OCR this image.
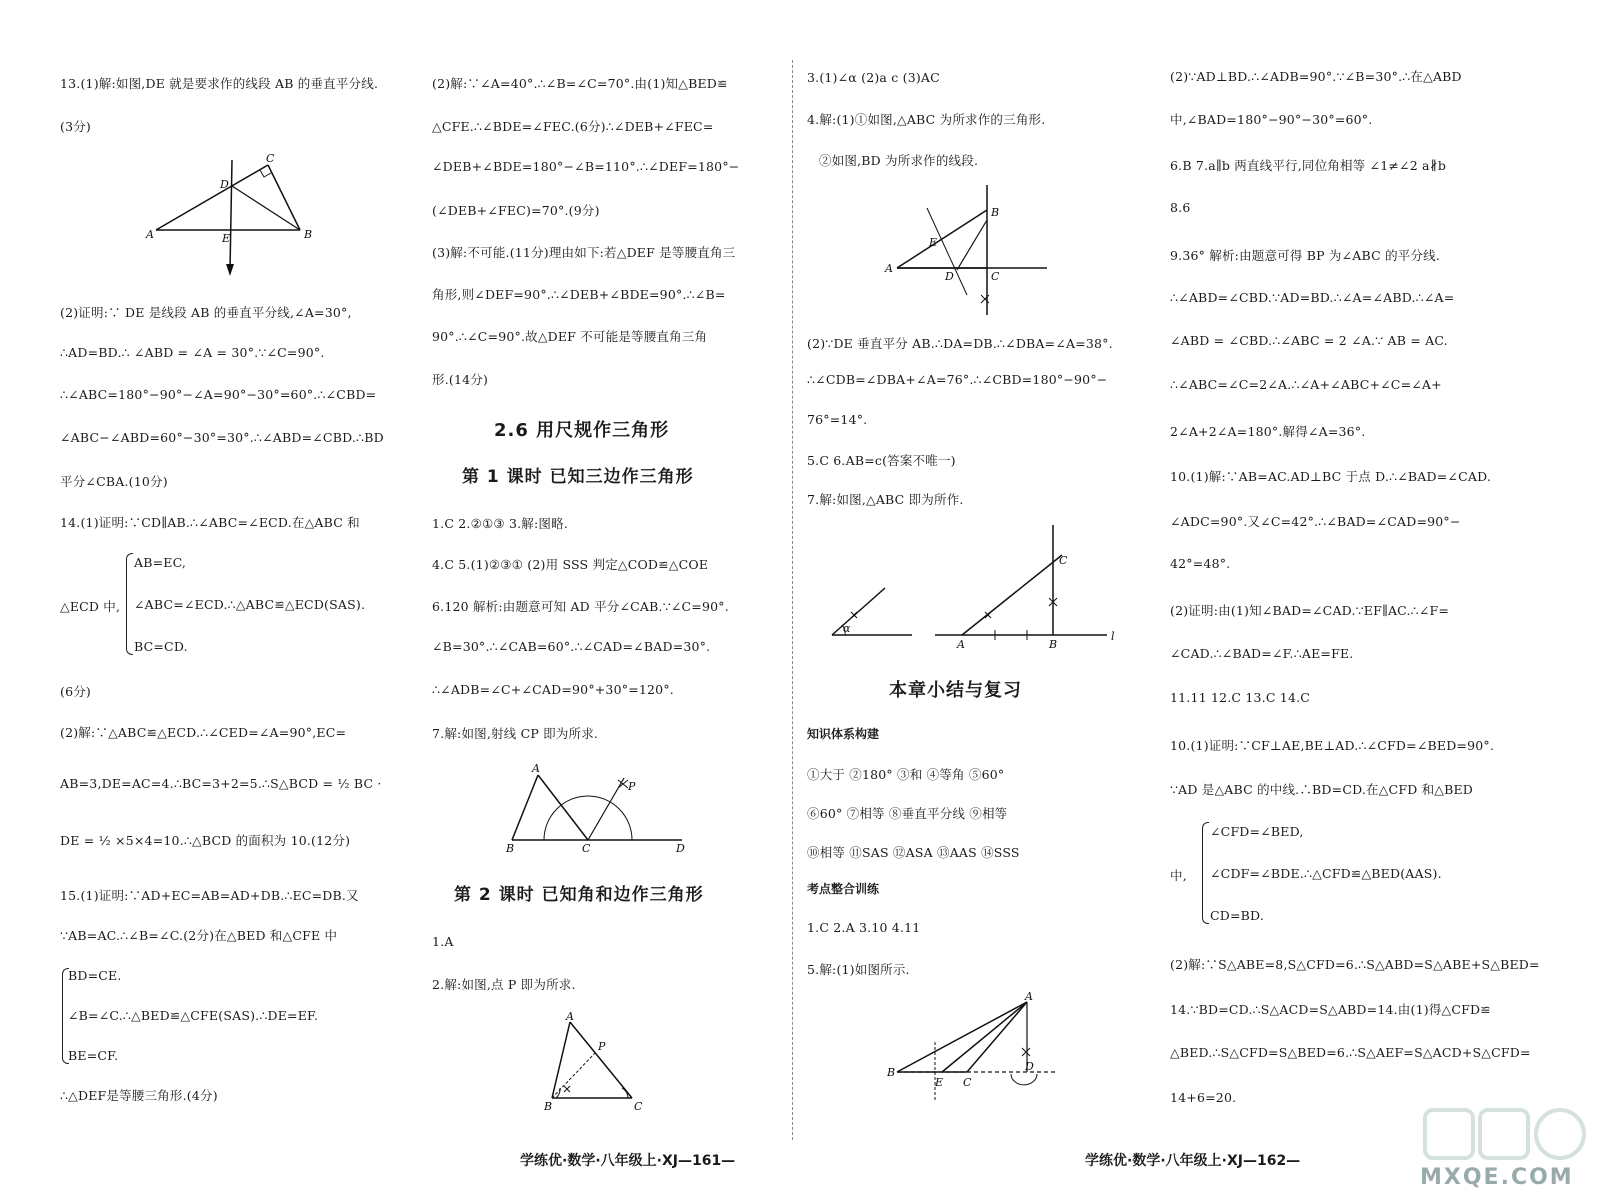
13.(1)解:如图,DE 就是要求作的线段 AB 的垂直平分线.
(3分)
A	B
C
D
E
(2)证明:∵ DE 是线段 AB 的垂直平分线,∠A=30°,
∴AD=BD.∴ ∠ABD = ∠A = 30°.∵∠C=90°.
∴∠ABC=180°−90°−∠A=90°−30°=60°.∴∠CBD=
∠ABC−∠ABD=60°−30°=30°.∴∠ABD=∠CBD.∴BD
平分∠CBA.(10分)
14.(1)证明:∵CD∥AB.∴∠ABC=∠ECD.在△ABC 和
AB=EC,
△ECD 中, ∠ABC=∠ECD.∴△ABC≌△ECD(SAS).
BC=CD.
(6分)
(2)解:∵△ABC≌△ECD.∴∠CED=∠A=90°,EC=
AB=3,DE=AC=4.∴BC=3+2=5.∴S△BCD = ½ BC ·
DE = ½ ×5×4=10.∴△BCD 的面积为 10.(12分)
15.(1)证明:∵AD+EC=AB=AD+DB.∴EC=DB.又
∵AB=AC.∴∠B=∠C.(2分)在△BED 和△CFE 中
BD=CE.
∠B=∠C.∴△BED≌△CFE(SAS).∴DE=EF.
BE=CF.
∴△DEF是等腰三角形.(4分)
(2)解:∵∠A=40°.∴∠B=∠C=70°.由(1)知△BED≌
△CFE.∴∠BDE=∠FEC.(6分)∴∠DEB+∠FEC=
∠DEB+∠BDE=180°−∠B=110°.∴∠DEF=180°−
(∠DEB+∠FEC)=70°.(9分)
(3)解:不可能.(11分)理由如下:若△DEF 是等腰直角三
角形,则∠DEF=90°.∴∠DEB+∠BDE=90°.∴∠B=
90°.∴∠C=90°.故△DEF 不可能是等腰直角三角
形.(14分)
2.6 用尺规作三角形
第 1 课时 已知三边作三角形
1.C 2.②①③ 3.解:图略.
4.C 5.(1)②③① (2)用 SSS 判定△COD≌△COE
6.120 解析:由题意可知 AD 平分∠CAB.∵∠C=90°.
∠B=30°.∴∠CAB=60°.∴∠CAD=∠BAD=30°.
∴∠ADB=∠C+∠CAD=90°+30°=120°.
7.解:如图,射线 CP 即为所求.
A
B	C	D
P
第 2 课时 已知角和边作三角形
1.A
2.解:如图,点 P 即为所求.
A
B	C
P
3.(1)∠α (2)a c (3)AC
4.解:(1)①如图,△ABC 为所求作的三角形.
②如图,BD 为所求作的线段.
A
B
C
D
E
(2)∵DE 垂直平分 AB.∴DA=DB.∴∠DBA=∠A=38°.
∴∠CDB=∠DBA+∠A=76°.∴∠CBD=180°−90°−
76°=14°.
5.C 6.AB=c(答案不唯一)
7.解:如图,△ABC 即为所作.
α
A	B
C
l
本章小结与复习
知识体系构建
①大于 ②180° ③和 ④等角 ⑤60°
⑥60° ⑦相等 ⑧垂直平分线 ⑨相等
⑩相等 ⑪SAS ⑫ASA ⑬AAS ⑭SSS
考点整合训练
1.C 2.A 3.10 4.11
5.解:(1)如图所示.
A
B
C
D
E
(2)∵AD⊥BD.∴∠ADB=90°.∵∠B=30°.∴在△ABD
中,∠BAD=180°−90°−30°=60°.
6.B 7.a∥b 两直线平行,同位角相等 ∠1≠∠2 a∦b
8.6
9.36° 解析:由题意可得 BP 为∠ABC 的平分线.
∴∠ABD=∠CBD.∵AD=BD.∴∠A=∠ABD.∴∠A=
∠ABD = ∠CBD.∴∠ABC = 2 ∠A.∵ AB = AC.
∴∠ABC=∠C=2∠A.∴∠A+∠ABC+∠C=∠A+
2∠A+2∠A=180°.解得∠A=36°.
10.(1)解:∵AB=AC.AD⊥BC 于点 D.∴∠BAD=∠CAD.
∠ADC=90°.又∠C=42°.∴∠BAD=∠CAD=90°−
42°=48°.
(2)证明:由(1)知∠BAD=∠CAD.∵EF∥AC.∴∠F=
∠CAD.∴∠BAD=∠F.∴AE=FE.
11.11 12.C 13.C 14.C
10.(1)证明:∵CF⊥AE,BE⊥AD.∴∠CFD=∠BED=90°.
∵AD 是△ABC 的中线.∴BD=CD.在△CFD 和△BED
∠CFD=∠BED,
中, ∠CDF=∠BDE.∴△CFD≌△BED(AAS).
CD=BD.
(2)解:∵S△ABE=8,S△CFD=6.∴S△ABD=S△ABE+S△BED=
14.∵BD=CD.∴S△ACD=S△ABD=14.由(1)得△CFD≌
△BED.∴S△CFD=S△BED=6.∴S△AEF=S△ACD+S△CFD=
14+6=20.
学练优·数学·八年级上·XJ—161—	学练优·数学·八年级上·XJ—162—
MXQE.COM
